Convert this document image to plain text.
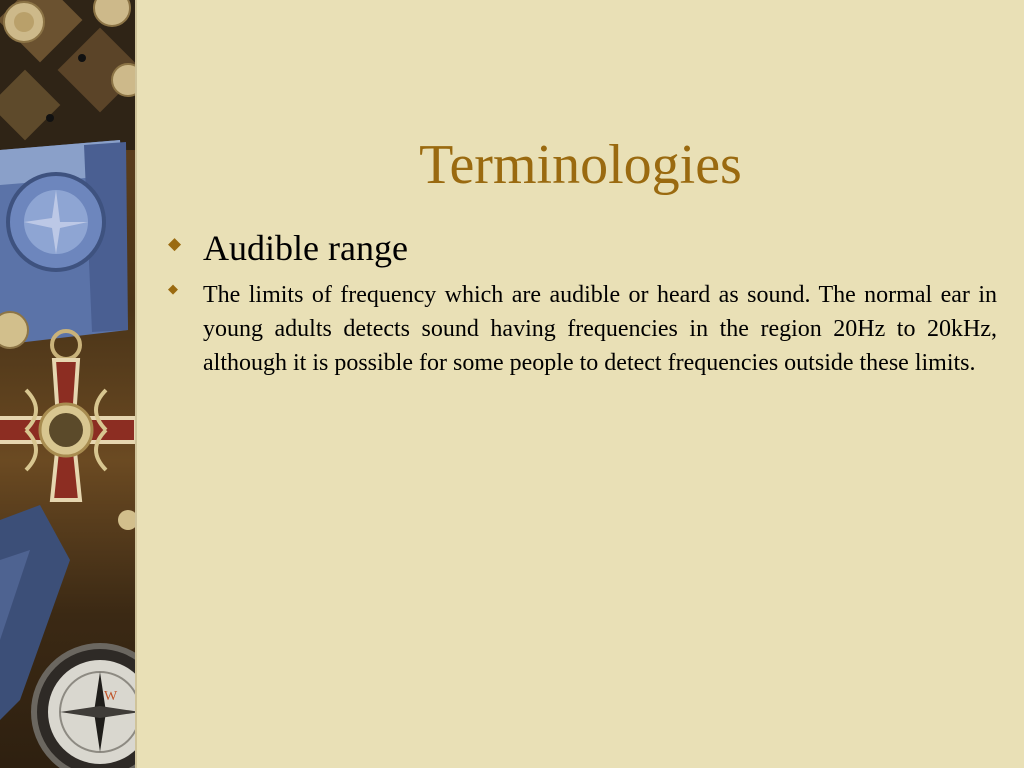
W
Terminologies
◆ Audible range
◆ The limits of frequency which are audible or heard as sound. The normal ear in young adults detects sound having frequencies in the region 20Hz to 20kHz, although it is possible for some people to detect frequencies outside these limits.
